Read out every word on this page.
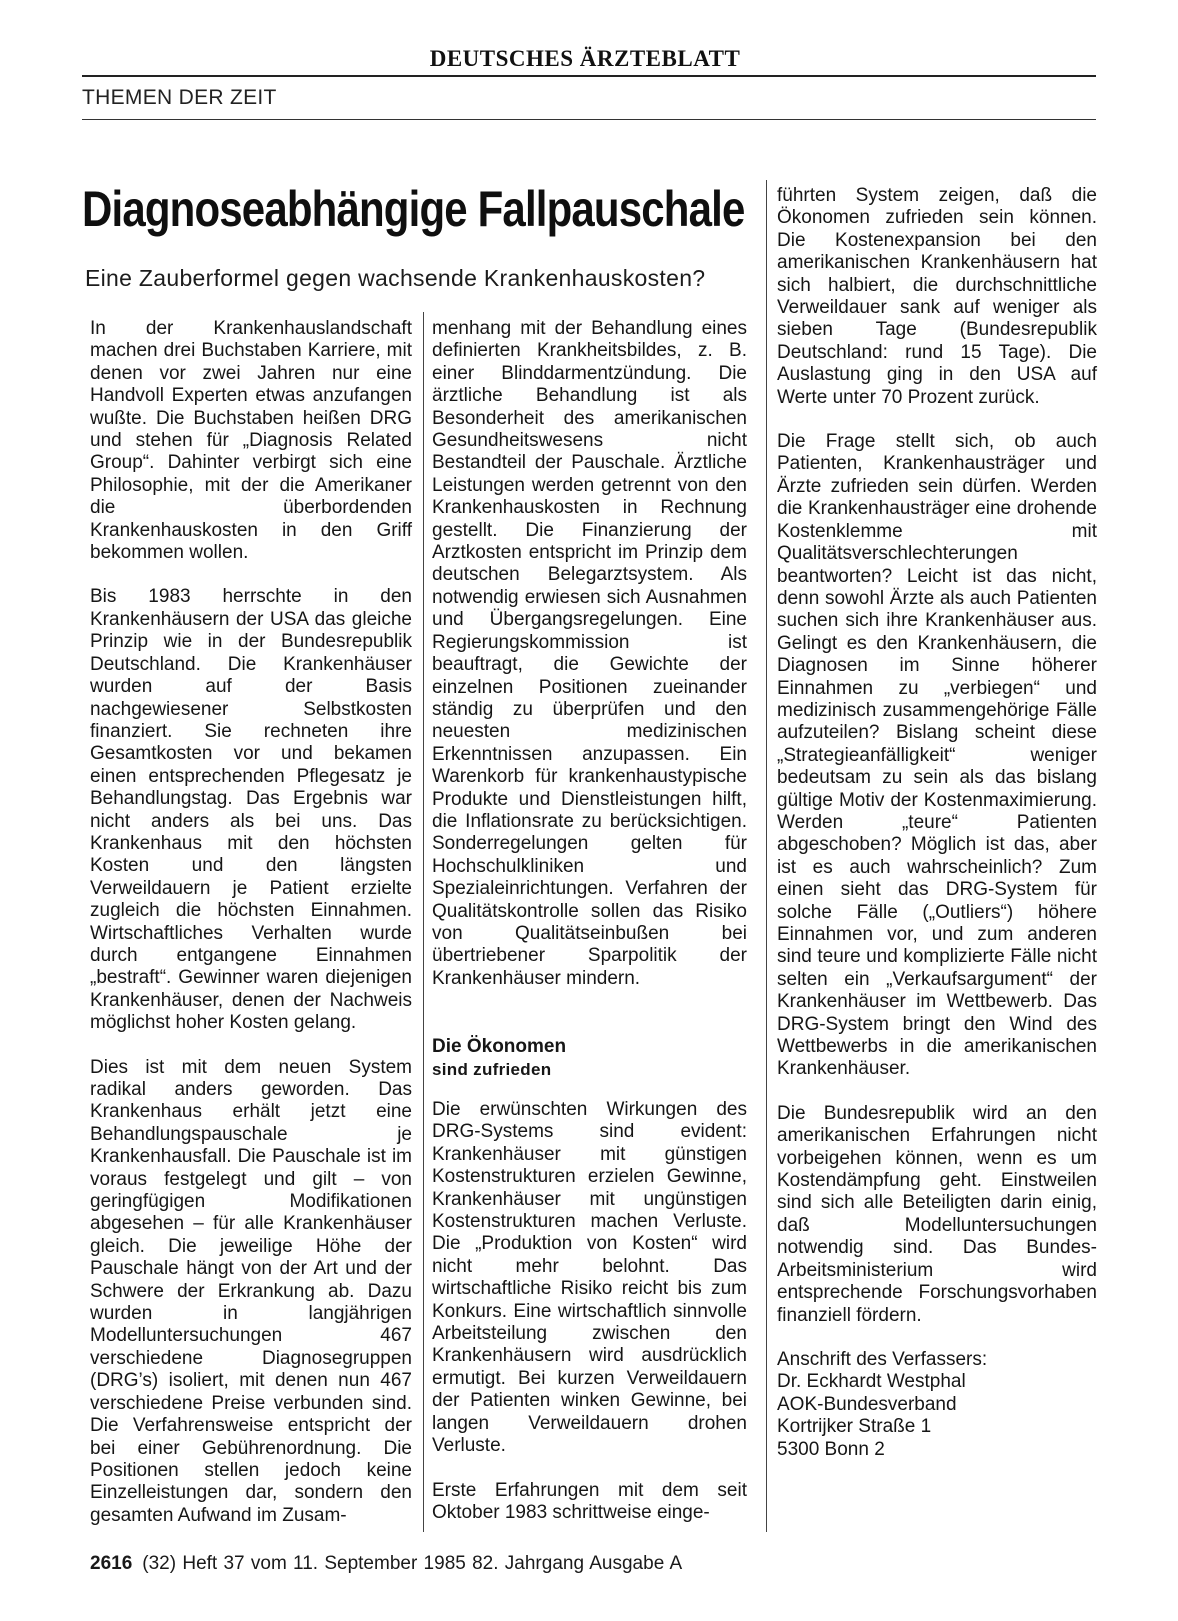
DEUTSCHES ÄRZTEBLATT
THEMEN DER ZEIT
Diagnoseabhängige Fallpauschale
Eine Zauberformel gegen wachsende Krankenhauskosten?

In der Krankenhauslandschaft machen drei Buchstaben Karriere, mit denen vor zwei Jahren nur eine Handvoll Experten etwas anzufangen wußte. Die Buchstaben heißen DRG und stehen für „Diagnosis Related Group“. Dahinter verbirgt sich eine Philosophie, mit der die Amerikaner die überbordenden Krankenhauskosten in den Griff bekommen wollen.

Bis 1983 herrschte in den Krankenhäusern der USA das gleiche Prinzip wie in der Bundesrepublik Deutschland. Die Krankenhäuser wurden auf der Basis nachgewiesener Selbstkosten finanziert. Sie rechneten ihre Gesamtkosten vor und bekamen einen entsprechenden Pflegesatz je Behandlungstag. Das Ergebnis war nicht anders als bei uns. Das Krankenhaus mit den höchsten Kosten und den längsten Verweildauern je Patient erzielte zugleich die höchsten Einnahmen. Wirtschaftliches Verhalten wurde durch entgangene Einnahmen „bestraft“. Gewinner waren diejenigen Krankenhäuser, denen der Nachweis möglichst hoher Kosten gelang.

Dies ist mit dem neuen System radikal anders geworden. Das Krankenhaus erhält jetzt eine Behandlungspauschale je Krankenhausfall. Die Pauschale ist im voraus festgelegt und gilt – von geringfügigen Modifikationen abgesehen – für alle Krankenhäuser gleich. Die jeweilige Höhe der Pauschale hängt von der Art und der Schwere der Erkrankung ab. Dazu wurden in langjährigen Modelluntersuchungen 467 verschiedene Diagnosegruppen (DRG’s) isoliert, mit denen nun 467 verschiedene Preise verbunden sind. Die Verfahrensweise entspricht der bei einer Gebührenordnung. Die Positionen stellen jedoch keine Einzelleistungen dar, sondern den gesamten Aufwand im Zusam-

menhang mit der Behandlung eines definierten Krankheitsbildes, z. B. einer Blinddarmentzündung. Die ärztliche Behandlung ist als Besonderheit des amerikanischen Gesundheitswesens nicht Bestandteil der Pauschale. Ärztliche Leistungen werden getrennt von den Krankenhauskosten in Rechnung gestellt. Die Finanzierung der Arztkosten entspricht im Prinzip dem deutschen Belegarztsystem. Als notwendig erwiesen sich Ausnahmen und Übergangsregelungen. Eine Regierungskommission ist beauftragt, die Gewichte der einzelnen Positionen zueinander ständig zu überprüfen und den neuesten medizinischen Erkenntnissen anzupassen. Ein Warenkorb für krankenhaustypische Produkte und Dienstleistungen hilft, die Inflationsrate zu berücksichtigen. Sonderregelungen gelten für Hochschulkliniken und Spezialeinrichtungen. Verfahren der Qualitätskontrolle sollen das Risiko von Qualitätseinbußen bei übertriebener Sparpolitik der Krankenhäuser mindern.

Die Ökonomen

sind zufrieden

Die erwünschten Wirkungen des DRG-Systems sind evident: Krankenhäuser mit günstigen Kostenstrukturen erzielen Gewinne, Krankenhäuser mit ungünstigen Kostenstrukturen machen Verluste. Die „Produktion von Kosten“ wird nicht mehr belohnt. Das wirtschaftliche Risiko reicht bis zum Konkurs. Eine wirtschaftlich sinnvolle Arbeitsteilung zwischen den Krankenhäusern wird ausdrücklich ermutigt. Bei kurzen Verweildauern der Patienten winken Gewinne, bei langen Verweildauern drohen Verluste.

Erste Erfahrungen mit dem seit Oktober 1983 schrittweise einge-

führten System zeigen, daß die Ökonomen zufrieden sein können. Die Kostenexpansion bei den amerikanischen Krankenhäusern hat sich halbiert, die durchschnittliche Verweildauer sank auf weniger als sieben Tage (Bundesrepublik Deutschland: rund 15 Tage). Die Auslastung ging in den USA auf Werte unter 70 Prozent zurück.

Die Frage stellt sich, ob auch Patienten, Krankenhausträger und Ärzte zufrieden sein dürfen. Werden die Krankenhausträger eine drohende Kostenklemme mit Qualitätsverschlechterungen beantworten? Leicht ist das nicht, denn sowohl Ärzte als auch Patienten suchen sich ihre Krankenhäuser aus. Gelingt es den Krankenhäusern, die Diagnosen im Sinne höherer Einnahmen zu „verbiegen“ und medizinisch zusammengehörige Fälle aufzuteilen? Bislang scheint diese „Strategieanfälligkeit“ weniger bedeutsam zu sein als das bislang gültige Motiv der Kostenmaximierung. Werden „teure“ Patienten abgeschoben? Möglich ist das, aber ist es auch wahrscheinlich? Zum einen sieht das DRG-System für solche Fälle („Outliers“) höhere Einnahmen vor, und zum anderen sind teure und komplizierte Fälle nicht selten ein „Verkaufsargument“ der Krankenhäuser im Wettbewerb. Das DRG-System bringt den Wind des Wettbewerbs in die amerikanischen Krankenhäuser.

Die Bundesrepublik wird an den amerikanischen Erfahrungen nicht vorbeigehen können, wenn es um Kostendämpfung geht. Einstweilen sind sich alle Beteiligten darin einig, daß Modelluntersuchungen notwendig sind. Das Bundes-Arbeitsministerium wird entsprechende Forschungsvorhaben finanziell fördern.

Anschrift des Verfassers:

Dr. Eckhardt Westphal

AOK-Bundesverband

Kortrijker Straße 1

5300 Bonn 2

2616 (32) Heft 37 vom 11. September 1985 82. Jahrgang Ausgabe A
